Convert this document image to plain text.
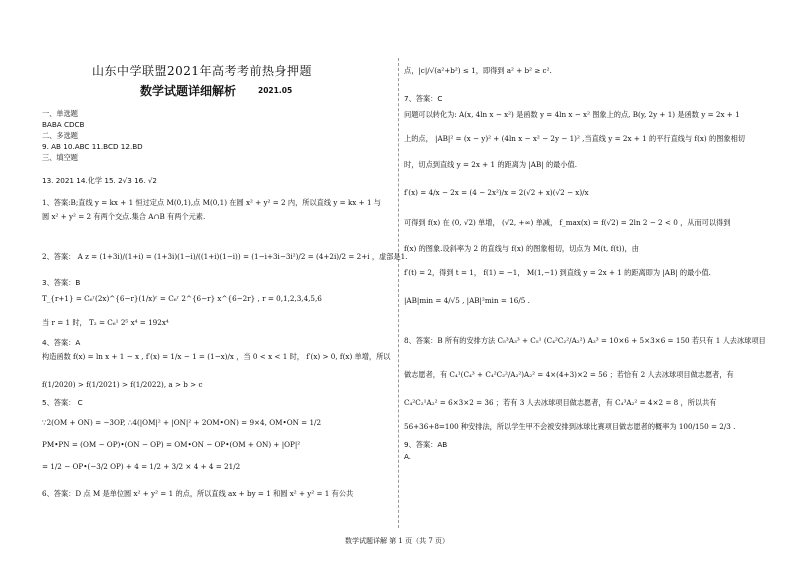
山东中学联盟2021年高考考前热身押题
数学试题详细解析	2021.05
一、单选题
BABA CDCB
二、多选题
9. AB 10.ABC 11.BCD 12.BD
三、填空题
13. 2021 14.化学 15. 2√3 16. √2
1、答案:B;直线 y = kx + 1 恒过定点 M(0,1),点 M(0,1) 在圆 x² + y² = 2 内，所以直线 y = kx + 1 与
圆 x² + y² = 2 有两个交点.集合 A∩B 有两个元素.
2、答案： A z = (1+3i)/(1+i) = (1+3i)(1−i)/((1+i)(1−i)) = (1−i+3i−3i²)/2 = (4+2i)/2 = 2+i ，虚部是1.
3、答案：B
T_{r+1} = C₆ʳ(2x)^{6−r}(1/x)ʳ = C₆ʳ 2^{6−r} x^{6−2r} , r = 0,1,2,3,4,5,6
当 r = 1 时， T₂ = C₆¹ 2⁵ x⁴ = 192x⁴
4、答案：A
构造函数 f(x) = ln x + 1 − x , f′(x) = 1/x − 1 = (1−x)/x ，当 0 < x < 1 时， f′(x) > 0, f(x) 单增，所以
f(1/2020) > f(1/2021) > f(1/2022), a > b > c
5、答案： C
∵2(OM + ON) = −3OP, ∴4(|OM|² + |ON|² + 2OM•ON) = 9×4, OM•ON = 1/2
PM•PN = (OM − OP)•(ON − OP) = OM•ON − OP•(OM + ON) + |OP|²
= 1/2 − OP•(−3/2 OP) + 4 = 1/2 + 3/2 × 4 + 4 = 21/2
6、答案：D 点 M 是单位圆 x² + y² = 1 的点，所以直线 ax + by = 1 和圆 x² + y² = 1 有公共
点，|c|/√(a²+b²) ≤ 1，即得到 a² + b² ≥ c².
7、答案：C
问题可以转化为: A(x, 4ln x − x²) 是函数 y = 4ln x − x² 图象上的点, B(y, 2y + 1) 是函数 y = 2x + 1
上的点， |AB|² = (x − y)² + (4ln x − x² − 2y − 1)² ,当直线 y = 2x + 1 的平行直线与 f(x) 的图象相切
时，切点到直线 y = 2x + 1 的距离为 |AB| 的最小值.
f′(x) = 4/x − 2x = (4 − 2x²)/x = 2(√2 + x)(√2 − x)/x
可得到 f(x) 在 (0, √2) 单增， (√2, +∞) 单减， f_max(x) = f(√2) = 2ln 2 − 2 < 0 ，从而可以得到
f(x) 的图象.设斜率为 2 的直线与 f(x) 的图象相切，切点为 M(t, f(t))，由
f′(t) = 2，得到 t = 1， f(1) = −1， M(1,−1) 到直线 y = 2x + 1 的距离即为 |AB| 的最小值.
|AB|min = 4/√5 , |AB|²min = 16/5 .
8、答案：B 所有的安排方法 C₅³A₃³ + C₅¹ (C₄²C₂²/A₂²) A₃³ = 10×6 + 5×3×6 = 150 若只有 1 人去冰球项目
做志愿者，有 C₄¹(C₄³ + C₄²C₂²/A₂²)A₂² = 4×(4+3)×2 = 56 ；若恰有 2 人去冰球项目做志愿者，有
C₄²C₂¹A₂² = 6×3×2 = 36 ；若有 3 人去冰球项目做志愿者，有 C₄³A₂² = 4×2 = 8 ，所以共有
56+36+8=100 种安排法，所以学生甲不会被安排到冰球比赛项目做志愿者的概率为 100/150 = 2/3 .
9、答案：AB
A.
数学试题详解 第 1 页（共 7 页）
